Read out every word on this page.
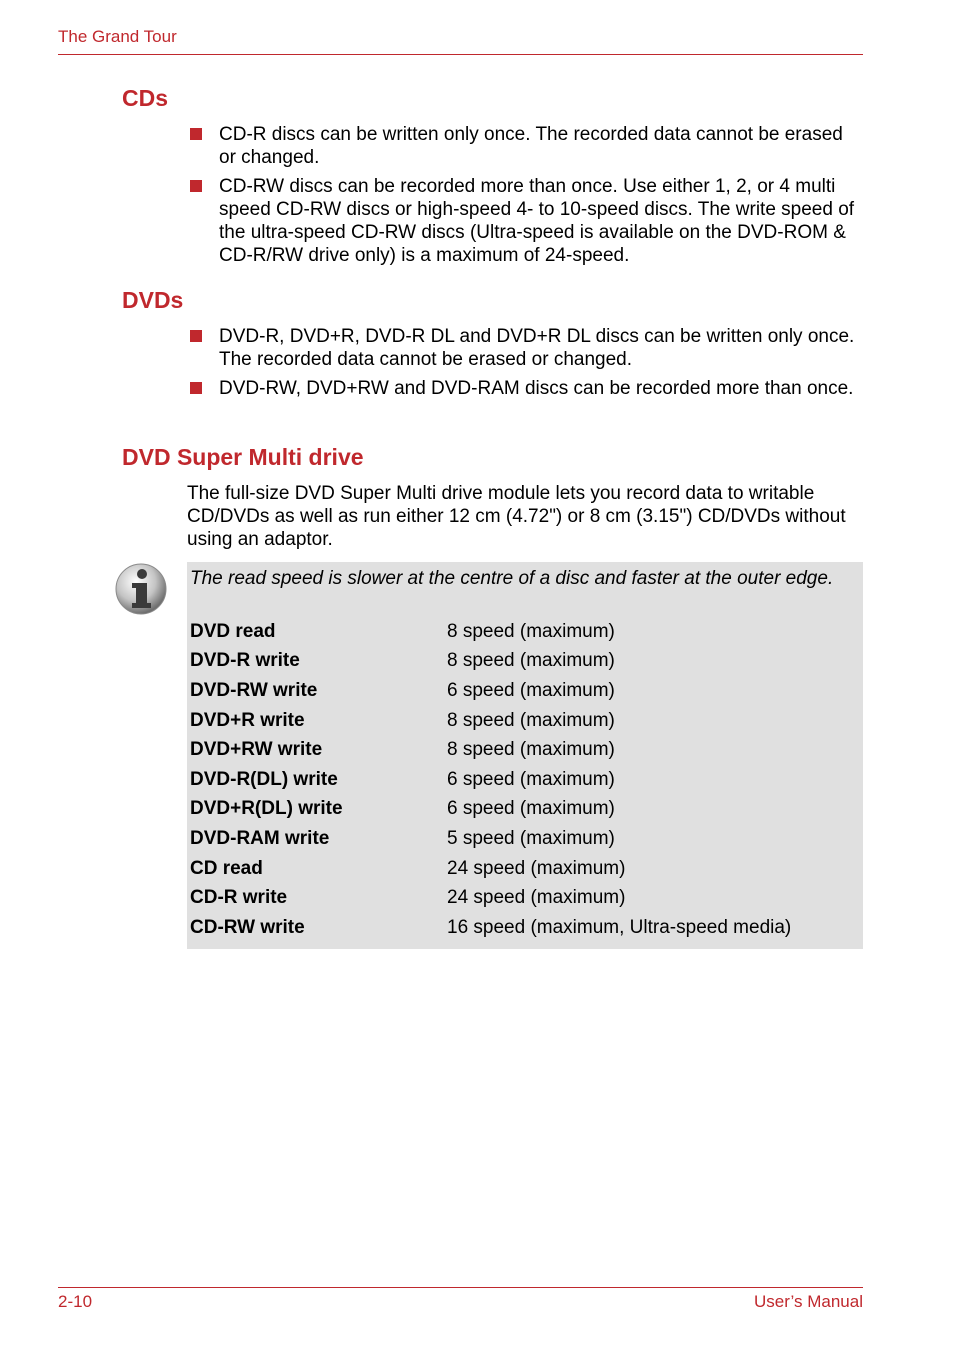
The Grand Tour
CDs
CD-R discs can be written only once. The recorded data cannot be erased or changed.
CD-RW discs can be recorded more than once. Use either 1, 2, or 4 multi speed CD-RW discs or high-speed 4- to 10-speed discs. The write speed of the ultra-speed CD-RW discs (Ultra-speed is available on the DVD-ROM & CD-R/RW drive only) is a maximum of 24-speed.
DVDs
DVD-R, DVD+R, DVD-R DL and DVD+R DL discs can be written only once. The recorded data cannot be erased or changed.
DVD-RW, DVD+RW and DVD-RAM discs can be recorded more than once.
DVD Super Multi drive
The full-size DVD Super Multi drive module lets you record data to writable CD/DVDs as well as run either 12 cm (4.72") or 8 cm (3.15") CD/DVDs without using an adaptor.
The read speed is slower at the centre of a disc and faster at the outer edge.
DVD read	8 speed (maximum)
DVD-R write	8 speed (maximum)
DVD-RW write	6 speed (maximum)
DVD+R write	8 speed (maximum)
DVD+RW write	8 speed (maximum)
DVD-R(DL) write	6 speed (maximum)
DVD+R(DL) write	6 speed (maximum)
DVD-RAM write	5 speed (maximum)
CD read	24 speed (maximum)
CD-R write	24 speed (maximum)
CD-RW write	16 speed (maximum, Ultra-speed media)
2-10	User’s Manual
